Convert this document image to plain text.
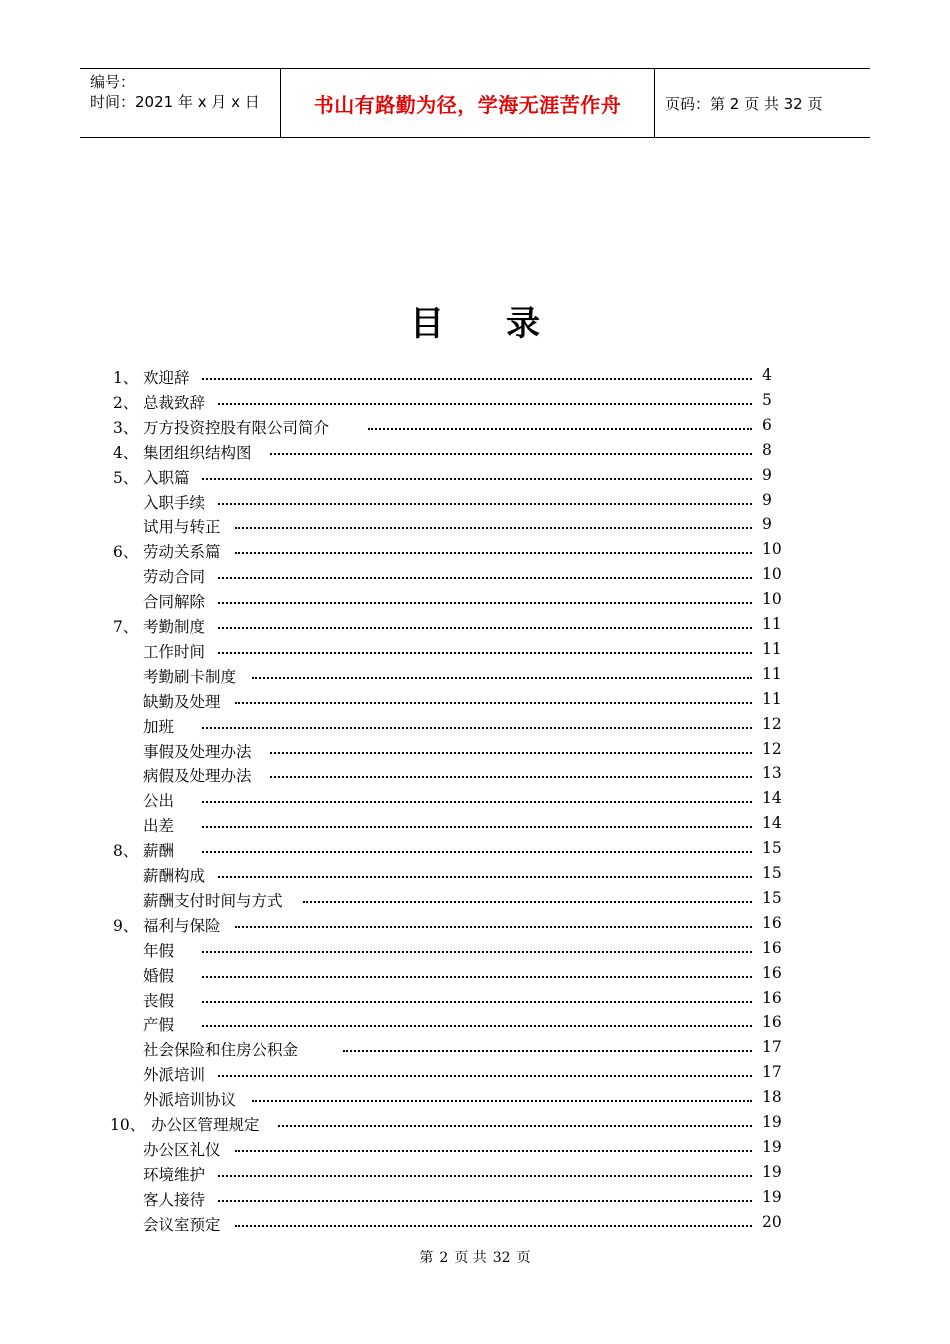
编号：
时间：2021 年 x 月 x 日	书山有路勤为径，学海无涯苦作舟	页码：第 2 页 共 32 页
目 录
1、 欢迎辞	4
2、 总裁致辞	5
3、 万方投资控股有限公司简介	6
4、 集团组织结构图	8
5、 入职篇	9
入职手续	9
试用与转正	9
6、 劳动关系篇	10
劳动合同	10
合同解除	10
7、 考勤制度	11
工作时间	11
考勤刷卡制度	11
缺勤及处理	11
加班	12
事假及处理办法	12
病假及处理办法	13
公出	14
出差	14
8、 薪酬	15
薪酬构成	15
薪酬支付时间与方式	15
9、 福利与保险	16
年假	16
婚假	16
丧假	16
产假	16
社会保险和住房公积金	17
外派培训	17
外派培训协议	18
10、 办公区管理规定	19
办公区礼仪	19
环境维护	19
客人接待	19
会议室预定	20
第 2 页 共 32 页
